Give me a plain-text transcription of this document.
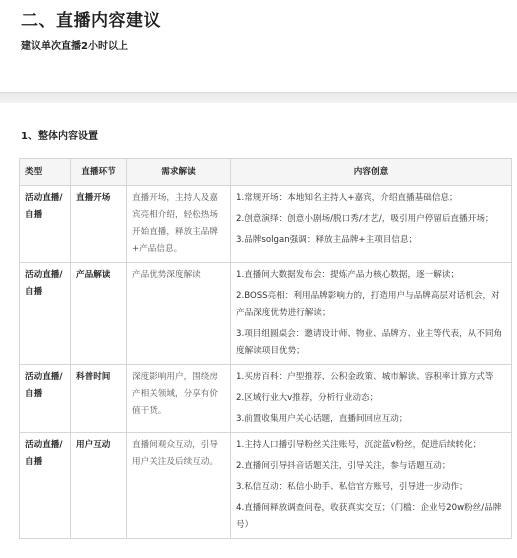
二、直播内容建议
建议单次直播2小时以上
1、整体内容设置
类型	直播环节	需求解读	内容创意
活动直播/自播	直播开场	直播开场，主持人及嘉宾亮相介绍，轻松热场开始直播，释放主品牌+产品信息。	1.常规开场：本地知名主持人+嘉宾，介绍直播基础信息；
2.创意演绎：创意小剧场/脱口秀/才艺/，吸引用户停留后直播开场；
3.品牌solgan强调：释放主品牌+主项目信息；

活动直播/自播	产品解读	产品优势深度解读	1.直播间大数据发布会：提炼产品力核心数据，逐一解读；
2.BOSS亮相：利用品牌影响力的，打造用户与品牌高层对话机会，对产品深度优势进行解读；
3.项目组圆桌会：邀请设计师、物业、品牌方、业主等代表，从不同角度解读项目优势；

活动直播/自播	科普时间	深度影响用户，围绕房产相关领域，分享有价值干货。	1.买房百科：户型推荐、公积金政策、城市解读、容积率计算方式等
2.区域行业大v推荐，分析行业动态；
3.前置收集用户关心话题，直播间回应互动；

活动直播/自播	用户互动	直播间观众互动，引导用户关注及后续互动。	1.主持人口播引导粉丝关注账号，沉淀蓝v粉丝，促进后续转化；
2.直播间引导抖音话题关注，引导关注，参与话题互动；
3.私信互动：私信小助手、私信官方账号，引导进一步动作；
4.直播间释放调查问卷，收获真实交互；（门槛：企业号20w粉丝/品牌号）
